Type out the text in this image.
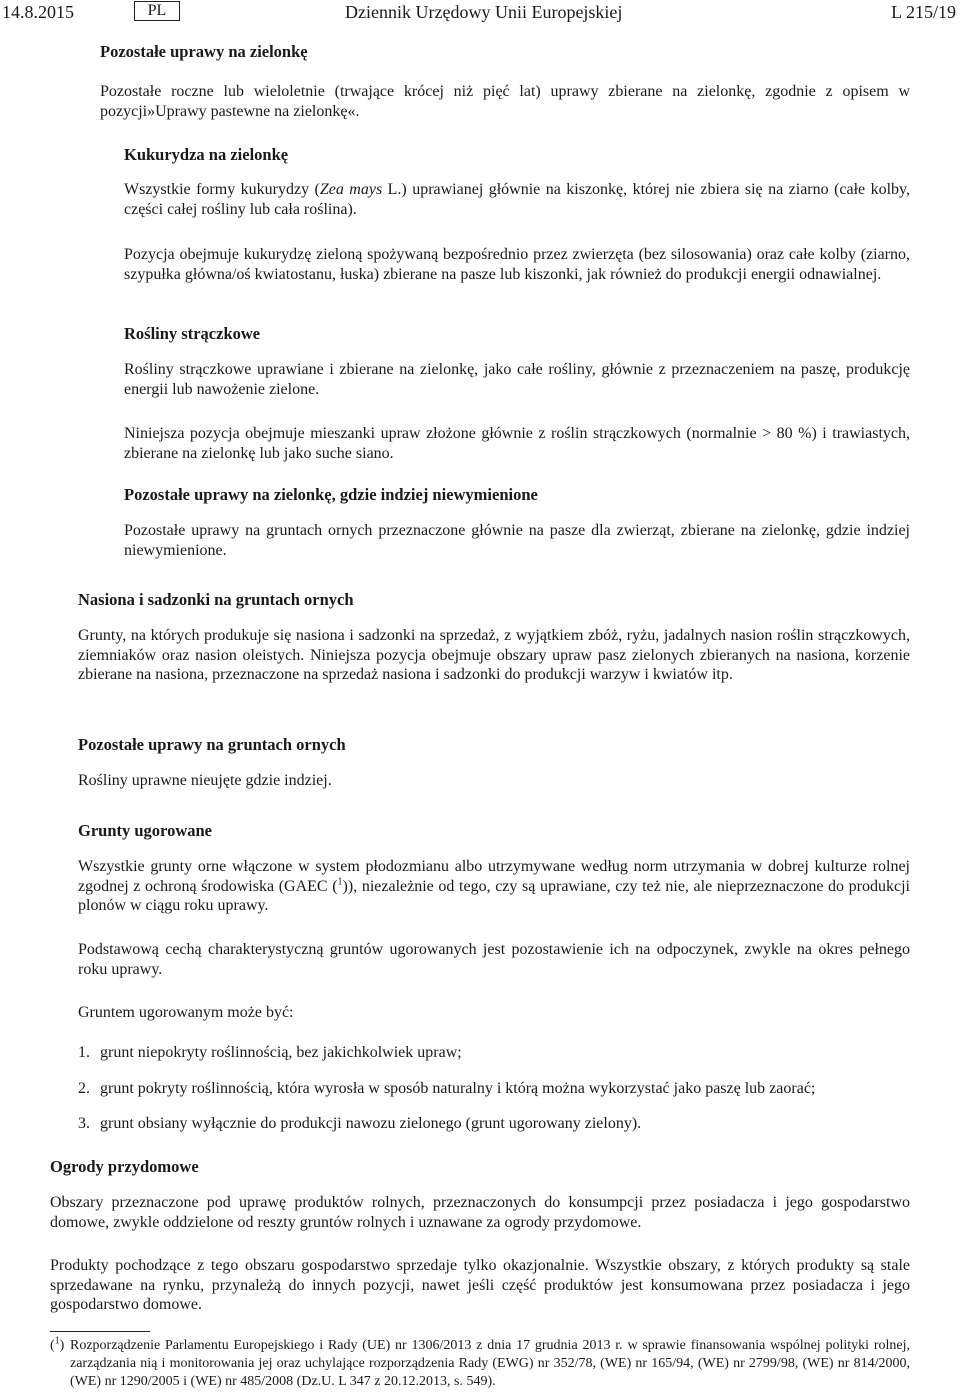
14.8.2015	PL	Dziennik Urzędowy Unii Europejskiej	L 215/19
Pozostałe uprawy na zielonkę
Pozostałe roczne lub wieloletnie (trwające krócej niż pięć lat) uprawy zbierane na zielonkę, zgodnie z opisem w pozycji»Uprawy pastewne na zielonkę«.
Kukurydza na zielonkę
Wszystkie formy kukurydzy (Zea mays L.) uprawianej głównie na kiszonkę, której nie zbiera się na ziarno (całe kolby, części całej rośliny lub cała roślina).
Pozycja obejmuje kukurydzę zieloną spożywaną bezpośrednio przez zwierzęta (bez silosowania) oraz całe kolby (ziarno, szypułka główna/oś kwiatostanu, łuska) zbierane na pasze lub kiszonki, jak również do produkcji energii odnawialnej.
Rośliny strączkowe
Rośliny strączkowe uprawiane i zbierane na zielonkę, jako całe rośliny, głównie z przeznaczeniem na paszę, produkcję energii lub nawożenie zielone.
Niniejsza pozycja obejmuje mieszanki upraw złożone głównie z roślin strączkowych (normalnie > 80 %) i trawiastych, zbierane na zielonkę lub jako suche siano.
Pozostałe uprawy na zielonkę, gdzie indziej niewymienione
Pozostałe uprawy na gruntach ornych przeznaczone głównie na pasze dla zwierząt, zbierane na zielonkę, gdzie indziej niewymienione.
Nasiona i sadzonki na gruntach ornych
Grunty, na których produkuje się nasiona i sadzonki na sprzedaż, z wyjątkiem zbóż, ryżu, jadalnych nasion roślin strączkowych, ziemniaków oraz nasion oleistych. Niniejsza pozycja obejmuje obszary upraw pasz zielonych zbieranych na nasiona, korzenie zbierane na nasiona, przeznaczone na sprzedaż nasiona i sadzonki do produkcji warzyw i kwiatów itp.
Pozostałe uprawy na gruntach ornych
Rośliny uprawne nieujęte gdzie indziej.
Grunty ugorowane
Wszystkie grunty orne włączone w system płodozmianu albo utrzymywane według norm utrzymania w dobrej kulturze rolnej zgodnej z ochroną środowiska (GAEC ($^1$)), niezależnie od tego, czy są uprawiane, czy też nie, ale nieprzeznaczone do produkcji plonów w ciągu roku uprawy.
Podstawową cechą charakterystyczną gruntów ugorowanych jest pozostawienie ich na odpoczynek, zwykle na okres pełnego roku uprawy.
Gruntem ugorowanym może być:
1. grunt niepokryty roślinnością, bez jakichkolwiek upraw;
2. grunt pokryty roślinnością, która wyrosła w sposób naturalny i którą można wykorzystać jako paszę lub zaorać;
3. grunt obsiany wyłącznie do produkcji nawozu zielonego (grunt ugorowany zielony).
Ogrody przydomowe
Obszary przeznaczone pod uprawę produktów rolnych, przeznaczonych do konsumpcji przez posiadacza i jego gospodarstwo domowe, zwykle oddzielone od reszty gruntów rolnych i uznawane za ogrody przydomowe.
Produkty pochodzące z tego obszaru gospodarstwo sprzedaje tylko okazjonalnie. Wszystkie obszary, z których produkty są stale sprzedawane na rynku, przynależą do innych pozycji, nawet jeśli część produktów jest konsumowana przez posiadacza i jego gospodarstwo domowe.
($^1$) Rozporządzenie Parlamentu Europejskiego i Rady (UE) nr 1306/2013 z dnia 17 grudnia 2013 r. w sprawie finansowania wspólnej polityki rolnej, zarządzania nią i monitorowania jej oraz uchylające rozporządzenia Rady (EWG) nr 352/78, (WE) nr 165/94, (WE) nr 2799/98, (WE) nr 814/2000, (WE) nr 1290/2005 i (WE) nr 485/2008 (Dz.U. L 347 z 20.12.2013, s. 549).
